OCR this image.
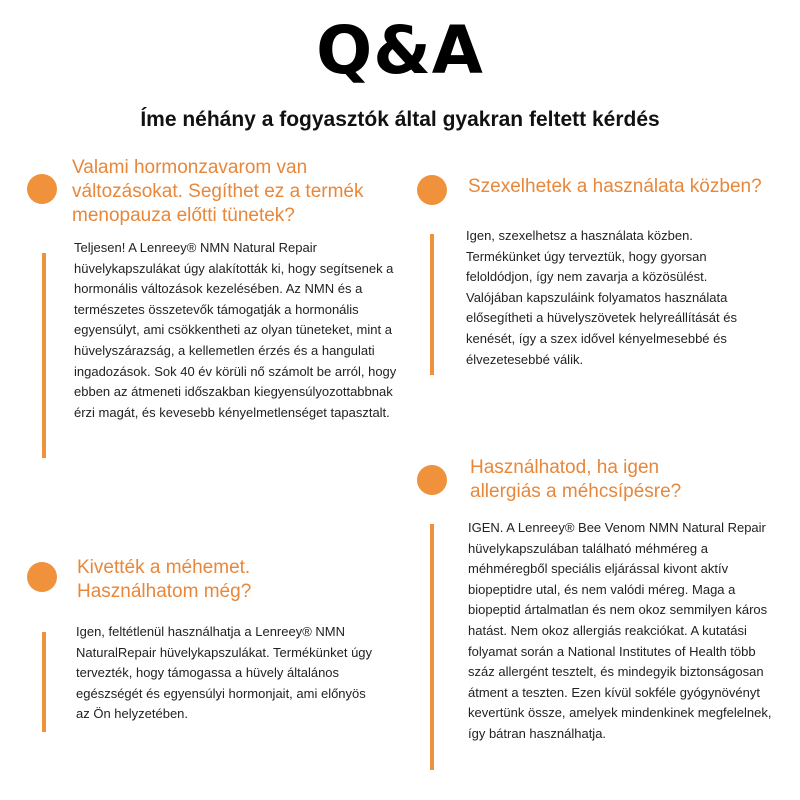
Q&A
Íme néhány a fogyasztók által gyakran feltett kérdés

Valami hormonzavarom van változásokat. Segíthet ez a termék menopauza előtti tünetek?

Teljesen! A Lenreey® NMN Natural Repair hüvelykapszulákat úgy alakították ki, hogy segítsenek a hormonális változások kezelésében. Az NMN és a természetes összetevők támogatják a hormonális egyensúlyt, ami csökkentheti az olyan tüneteket, mint a hüvelyszárazság, a kellemetlen érzés és a hangulati ingadozások. Sok 40 év körüli nő számolt be arról, hogy ebben az átmeneti időszakban kiegyensúlyozottabbnak érzi magát, és kevesebb kényelmetlenséget tapasztalt.

Szexelhetek a használata közben?

Igen, szexelhetsz a használata közben. Termékünket úgy terveztük, hogy gyorsan feloldódjon, így nem zavarja a közösülést. Valójában kapszuláink folyamatos használata elősegítheti a hüvelyszövetek helyreállítását és kenését, így a szex idővel kényelmesebbé és élvezetesebbé válik.

Használhatod, ha igen allergiás a méhcsípésre?

IGEN. A Lenreey® Bee Venom NMN Natural Repair hüvelykapszulában található méhméreg a méhméregből speciális eljárással kivont aktív biopeptidre utal, és nem valódi méreg. Maga a biopeptid ártalmatlan és nem okoz semmilyen káros hatást. Nem okoz allergiás reakciókat. A kutatási folyamat során a National Institutes of Health több száz allergént tesztelt, és mindegyik biztonságosan átment a teszten. Ezen kívül sokféle gyógynövényt kevertünk össze, amelyek mindenkinek megfelelnek, így bátran használhatja.

Kivették a méhemet. Használhatom még?

Igen, feltétlenül használhatja a Lenreey® NMN NaturalRepair hüvelykapszulákat. Termékünket úgy tervezték, hogy támogassa a hüvely általános egészségét és egyensúlyi hormonjait, ami előnyös az Ön helyzetében.
